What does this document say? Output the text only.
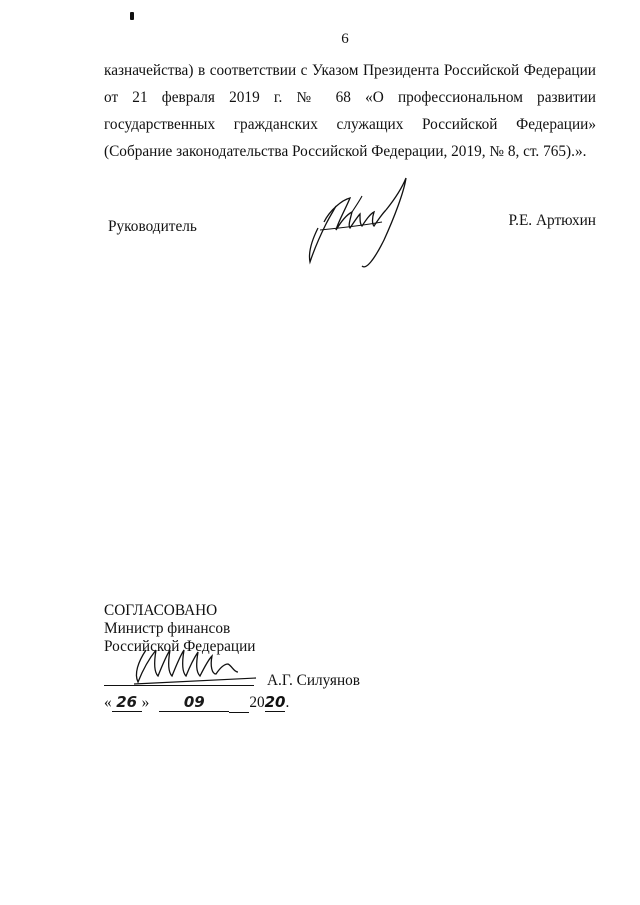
6
казначейства) в соответствии с Указом Президента Российской Федерации
от 21 февраля 2019 г. № 68 «О профессиональном развитии
государственных гражданских служащих Российской Федерации»
(Собрание законодательства Российской Федерации, 2019, № 8, ст. 765).».
Руководитель	Р.Е. Артюхин
СОГЛАСОВАНО
Министр финансов
Российской Федерации
А.Г. Силуянов
« 26 » 09	2020.
